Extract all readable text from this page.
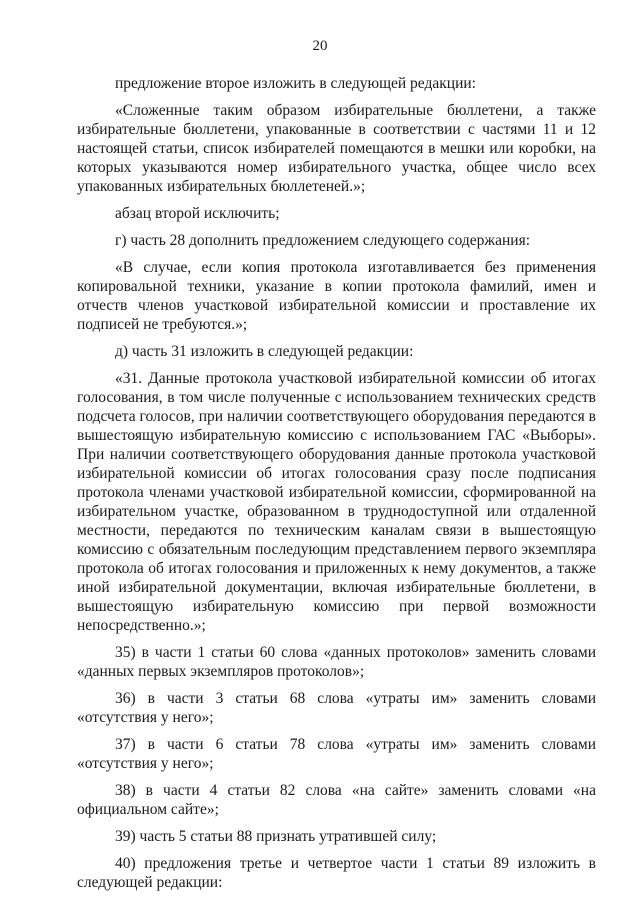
20

предложение второе изложить в следующей редакции:

«Сложенные таким образом избирательные бюллетени, а также избирательные бюллетени, упакованные в соответствии с частями 11 и 12 настоящей статьи, список избирателей помещаются в мешки или коробки, на которых указываются номер избирательного участка, общее число всех упакованных избирательных бюллетеней.»;

абзац второй исключить;

г) часть 28 дополнить предложением следующего содержания:

«В случае, если копия протокола изготавливается без применения копировальной техники, указание в копии протокола фамилий, имен и отчеств членов участковой избирательной комиссии и проставление их подписей не требуются.»;

д) часть 31 изложить в следующей редакции:

«31. Данные протокола участковой избирательной комиссии об итогах голосования, в том числе полученные с использованием технических средств подсчета голосов, при наличии соответствующего оборудования передаются в вышестоящую избирательную комиссию с использованием ГАС «Выборы». При наличии соответствующего оборудования данные протокола участковой избирательной комиссии об итогах голосования сразу после подписания протокола членами участковой избирательной комиссии, сформированной на избирательном участке, образованном в труднодоступной или отдаленной местности, передаются по техническим каналам связи в вышестоящую комиссию с обязательным последующим представлением первого экземпляра протокола об итогах голосования и приложенных к нему документов, а также иной избирательной документации, включая избирательные бюллетени, в вышестоящую избирательную комиссию при первой возможности непосредственно.»;

35) в части 1 статьи 60 слова «данных протоколов» заменить словами «данных первых экземпляров протоколов»;

36) в части 3 статьи 68 слова «утраты им» заменить словами «отсутствия у него»;

37) в части 6 статьи 78 слова «утраты им» заменить словами «отсутствия у него»;

38) в части 4 статьи 82 слова «на сайте» заменить словами «на официальном сайте»;

39) часть 5 статьи 88 признать утратившей силу;

40) предложения третье и четвертое части 1 статьи 89 изложить в следующей редакции:
